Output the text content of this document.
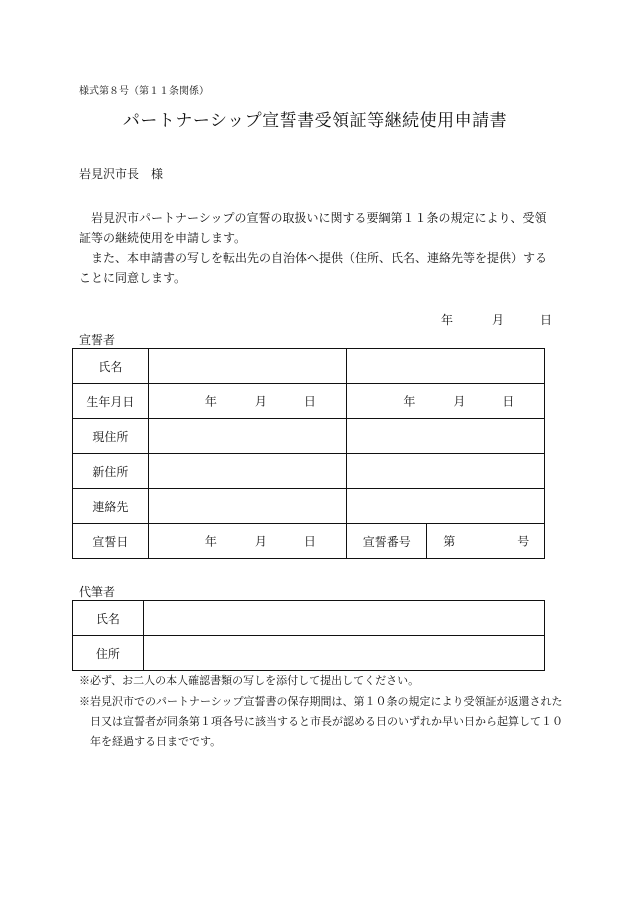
様式第８号（第１１条関係）
パートナーシップ宣誓書受領証等継続使用申請書
岩見沢市長　様
岩見沢市パートナーシップの宣誓の取扱いに関する要綱第１１条の規定により、受領証等の継続使用を申請します。
また、本申請書の写しを転出先の自治体へ提供（住所、氏名、連絡先等を提供）することに同意します。
年	月	日
宣誓者
氏名			
生年月日	年 月 日	年 月 日	

現住所			
新住所			
連絡先			
宣誓日	年 月 日	宣誓番号	第 号
代筆者
氏名	
住所	
※必ず、お二人の本人確認書類の写しを添付して提出してください。
※岩見沢市でのパートナーシップ宣誓書の保存期間は、第１０条の規定により受領証が返還された日又は宣誓者が同条第１項各号に該当すると市長が認める日のいずれか早い日から起算して１０年を経過する日までです。
